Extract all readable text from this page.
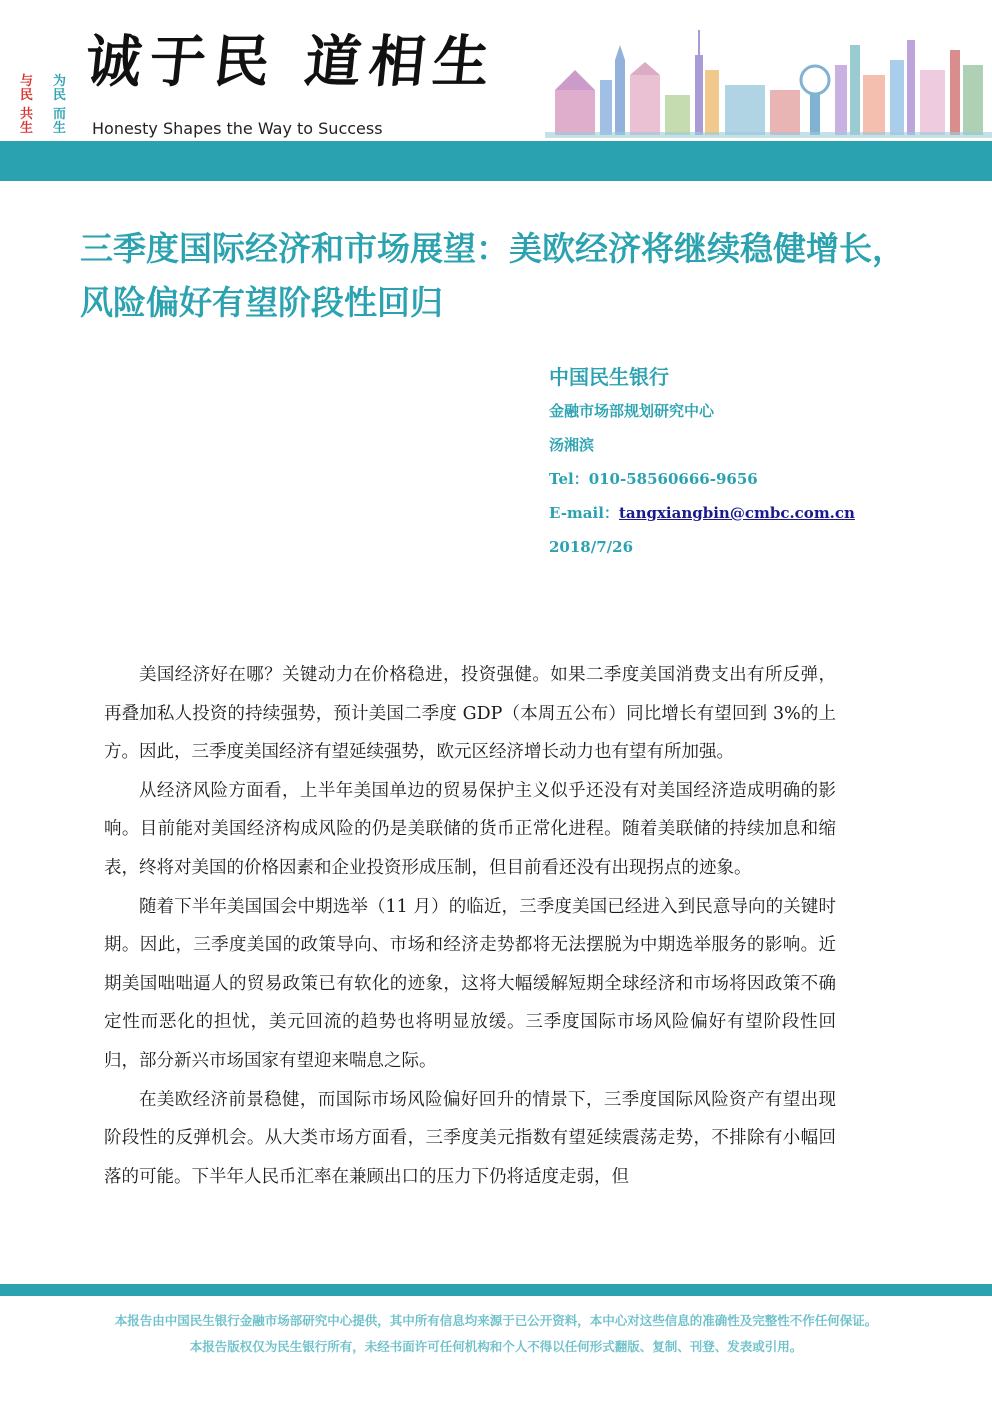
与
民
为
民
共
生
而
生
诚于民 道相生
Honesty Shapes the Way to Success
三季度国际经济和市场展望：美欧经济将继续稳健增长，风险偏好有望阶段性回归
中国民生银行
金融市场部规划研究中心
汤湘滨
Tel：010-58560666-9656
E-mail：tangxiangbin@cmbc.com.cn
2018/7/26

美国经济好在哪？关键动力在价格稳进，投资强健。如果二季度美国消费支出有所反弹，再叠加私人投资的持续强势，预计美国二季度 GDP（本周五公布）同比增长有望回到 3%的上方。因此，三季度美国经济有望延续强势，欧元区经济增长动力也有望有所加强。

从经济风险方面看，上半年美国单边的贸易保护主义似乎还没有对美国经济造成明确的影响。目前能对美国经济构成风险的仍是美联储的货币正常化进程。随着美联储的持续加息和缩表，终将对美国的价格因素和企业投资形成压制，但目前看还没有出现拐点的迹象。

随着下半年美国国会中期选举（11 月）的临近，三季度美国已经进入到民意导向的关键时期。因此，三季度美国的政策导向、市场和经济走势都将无法摆脱为中期选举服务的影响。近期美国咄咄逼人的贸易政策已有软化的迹象，这将大幅缓解短期全球经济和市场将因政策不确定性而恶化的担忧，美元回流的趋势也将明显放缓。三季度国际市场风险偏好有望阶段性回归，部分新兴市场国家有望迎来喘息之际。

在美欧经济前景稳健，而国际市场风险偏好回升的情景下，三季度国际风险资产有望出现阶段性的反弹机会。从大类市场方面看，三季度美元指数有望延续震荡走势，不排除有小幅回落的可能。下半年人民币汇率在兼顾出口的压力下仍将适度走弱，但

本报告由中国民生银行金融市场部研究中心提供，其中所有信息均来源于已公开资料，本中心对这些信息的准确性及完整性不作任何保证。
本报告版权仅为民生银行所有，未经书面许可任何机构和个人不得以任何形式翻版、复制、刊登、发表或引用。
